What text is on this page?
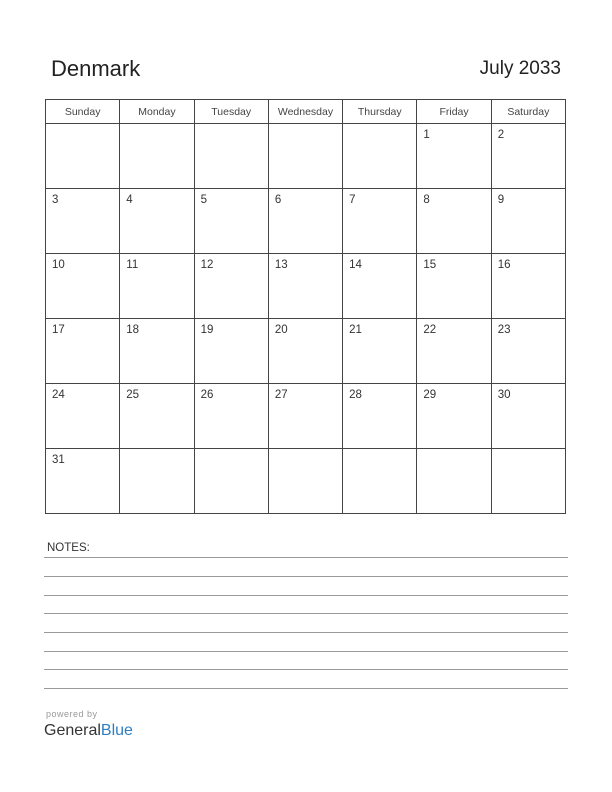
Denmark	July 2033
Sunday	Monday	Tuesday	Wednesday	Thursday	Friday	Saturday

					1	2

3	4	5	6	7	8	9

10	11	12	13	14	15	16

17	18	19	20	21	22	23

24	25	26	27	28	29	30

31						

NOTES:
powered by
GeneralBlue
